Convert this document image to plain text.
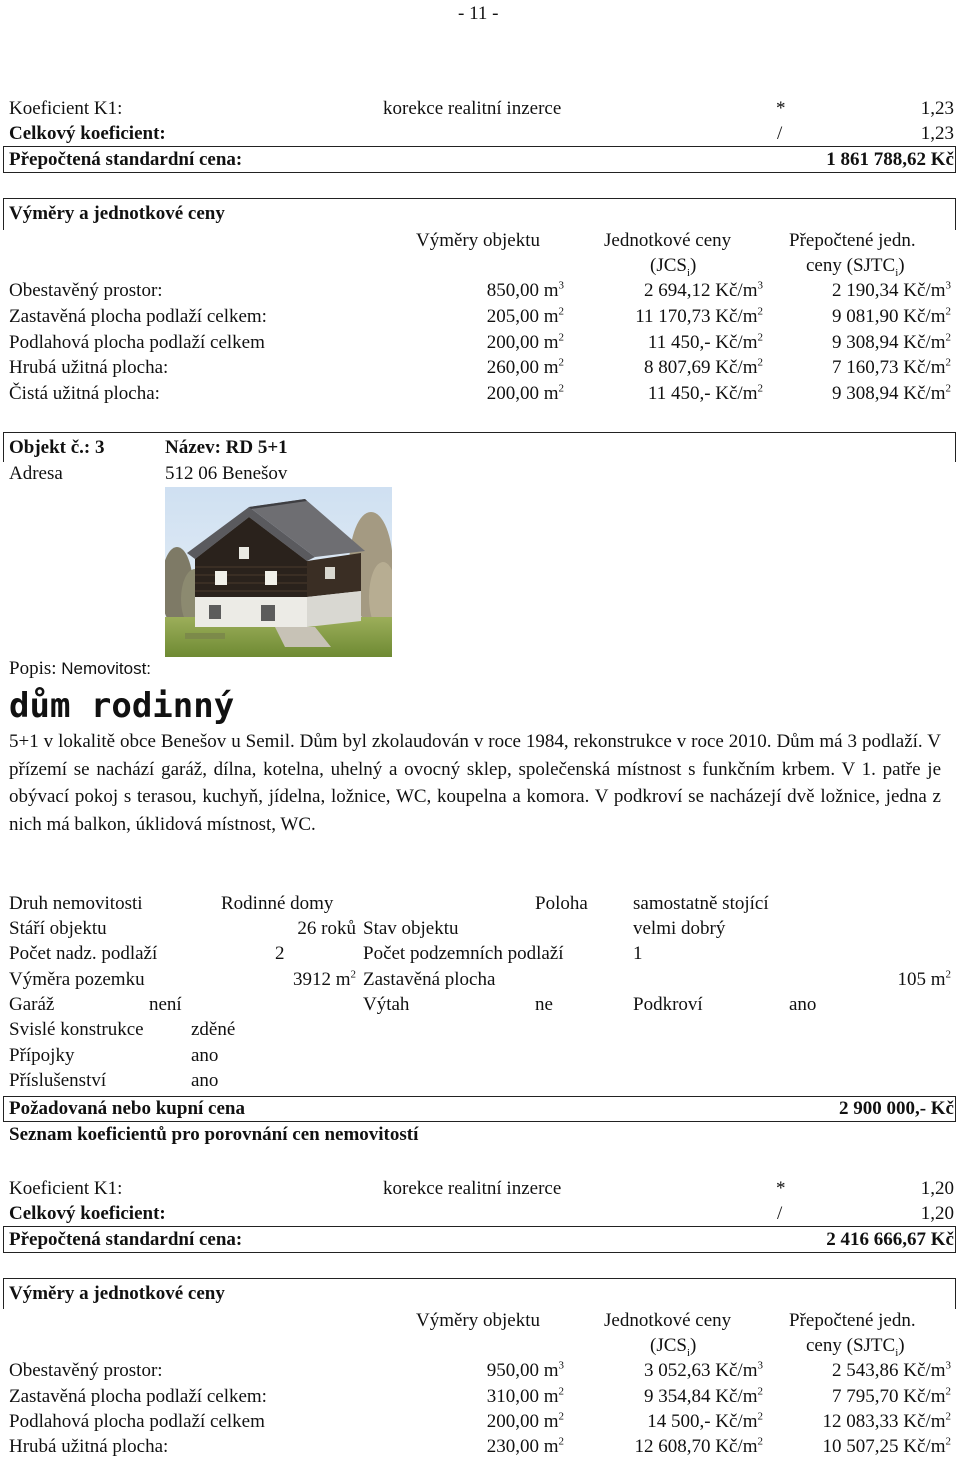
- 11 -
Koeficient K1:	korekce realitní inzerce	*	1,23
Celkový koeficient:	/	1,23
Přepočtená standardní cena:	1 861 788,62 Kč
Výměry a jednotkové ceny
Výměry objektu	Jednotkové ceny
$(JCS_i)$
Přepočtené jedn.
ceny $(SJTC_i)$
Obestavěný prostor:	850,00 $m^3$	2 694,12 $Kč/m^3$	2 190,34 $Kč/m^3$
Zastavěná plocha podlaží celkem:	205,00 $m^2$	11 170,73 $Kč/m^2$	9 081,90 $Kč/m^2$
Podlahová plocha podlaží celkem	200,00 $m^2$	11 450,- $Kč/m^2$	9 308,94 $Kč/m^2$
Hrubá užitná plocha:	260,00 $m^2$	8 807,69 $Kč/m^2$	7 160,73 $Kč/m^2$
Čistá užitná plocha:	200,00 $m^2$	11 450,- $Kč/m^2$	9 308,94 $Kč/m^2$
Objekt č.: 3	Název: RD 5+1
Adresa	512 06 Benešov
Popis: Nemovitost:
dům rodinný
5+1 v lokalitě obce Benešov u Semil. Dům byl zkolaudován v roce 1984, rekonstrukce v roce 2010. Dům má 3 podlaží. V přízemí se nachází garáž, dílna, kotelna, uhelný a ovocný sklep, společenská místnost s funkčním krbem. V 1. patře je obývací pokoj s terasou, kuchyň, jídelna, ložnice, WC, koupelna a komora. V podkroví se nacházejí dvě ložnice, jedna z nich má balkon, úklidová místnost, WC.
Druh nemovitosti	Rodinné domy	Poloha samostatně stojící
Stáří objektu	26 roků Stav objektu	velmi dobrý
Počet nadz. podlaží	2	Počet podzemních podlaží	1
Výměra pozemku	3912 $m^2$ Zastavěná plocha	105 $m^2$
Garáž	není	Výtah	ne	Podkroví	ano
Svislé konstrukce zděné
Přípojky	ano
Příslušenství	ano
Požadovaná nebo kupní cena	2 900 000,- Kč
Seznam koeficientů pro porovnání cen nemovitostí
Koeficient K1:	korekce realitní inzerce	*	1,20
Celkový koeficient:	/	1,20
Přepočtená standardní cena:	2 416 666,67 Kč
Výměry a jednotkové ceny
Výměry objektu	Jednotkové ceny
$(JCS_i)$
Přepočtené jedn.
ceny $(SJTC_i)$
Obestavěný prostor:	950,00 $m^3$	3 052,63 $Kč/m^3$	2 543,86 $Kč/m^3$
Zastavěná plocha podlaží celkem:	310,00 $m^2$	9 354,84 $Kč/m^2$	7 795,70 $Kč/m^2$
Podlahová plocha podlaží celkem	200,00 $m^2$	14 500,- $Kč/m^2$	12 083,33 $Kč/m^2$
Hrubá užitná plocha:	230,00 $m^2$	12 608,70 $Kč/m^2$	10 507,25 $Kč/m^2$
